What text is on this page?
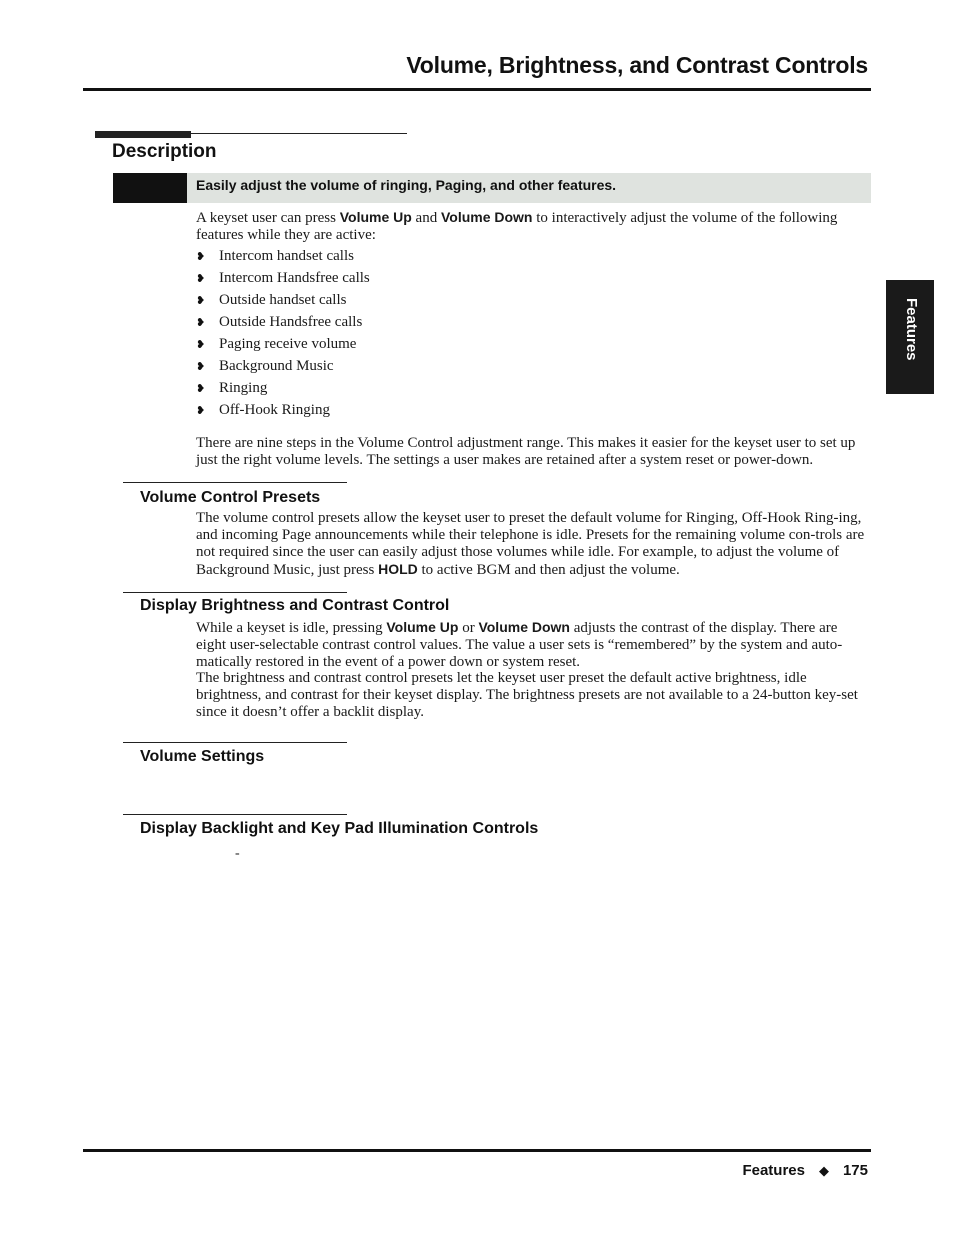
Volume, Brightness, and Contrast Controls
Features
Description
Easily adjust the volume of ringing, Paging, and other features.
A keyset user can press Volume Up and Volume Down to interactively adjust the volume of the following features while they are active:
❥ Intercom handset calls
❥ Intercom Handsfree calls
❥ Outside handset calls
❥ Outside Handsfree calls
❥ Paging receive volume
❥ Background Music
❥ Ringing
❥ Off-Hook Ringing
There are nine steps in the Volume Control adjustment range. This makes it easier for the keyset user to set up just the right volume levels. The settings a user makes are retained after a system reset or power-down.
Volume Control Presets
The volume control presets allow the keyset user to preset the default volume for Ringing, Off-Hook Ring-ing, and incoming Page announcements while their telephone is idle. Presets for the remaining volume con-trols are not required since the user can easily adjust those volumes while idle. For example, to adjust the volume of Background Music, just press HOLD to active BGM and then adjust the volume.
Display Brightness and Contrast Control
While a keyset is idle, pressing Volume Up or Volume Down adjusts the contrast of the display. There are eight user-selectable contrast control values. The value a user sets is “remembered” by the system and auto-matically restored in the event of a power down or system reset.
The brightness and contrast control presets let the keyset user preset the default active brightness, idle brightness, and contrast for their keyset display. The brightness presets are not available to a 24-button key-set since it doesn’t offer a backlit display.
Volume Settings
Display Backlight and Key Pad Illumination Controls
-
Features ◆ 175
